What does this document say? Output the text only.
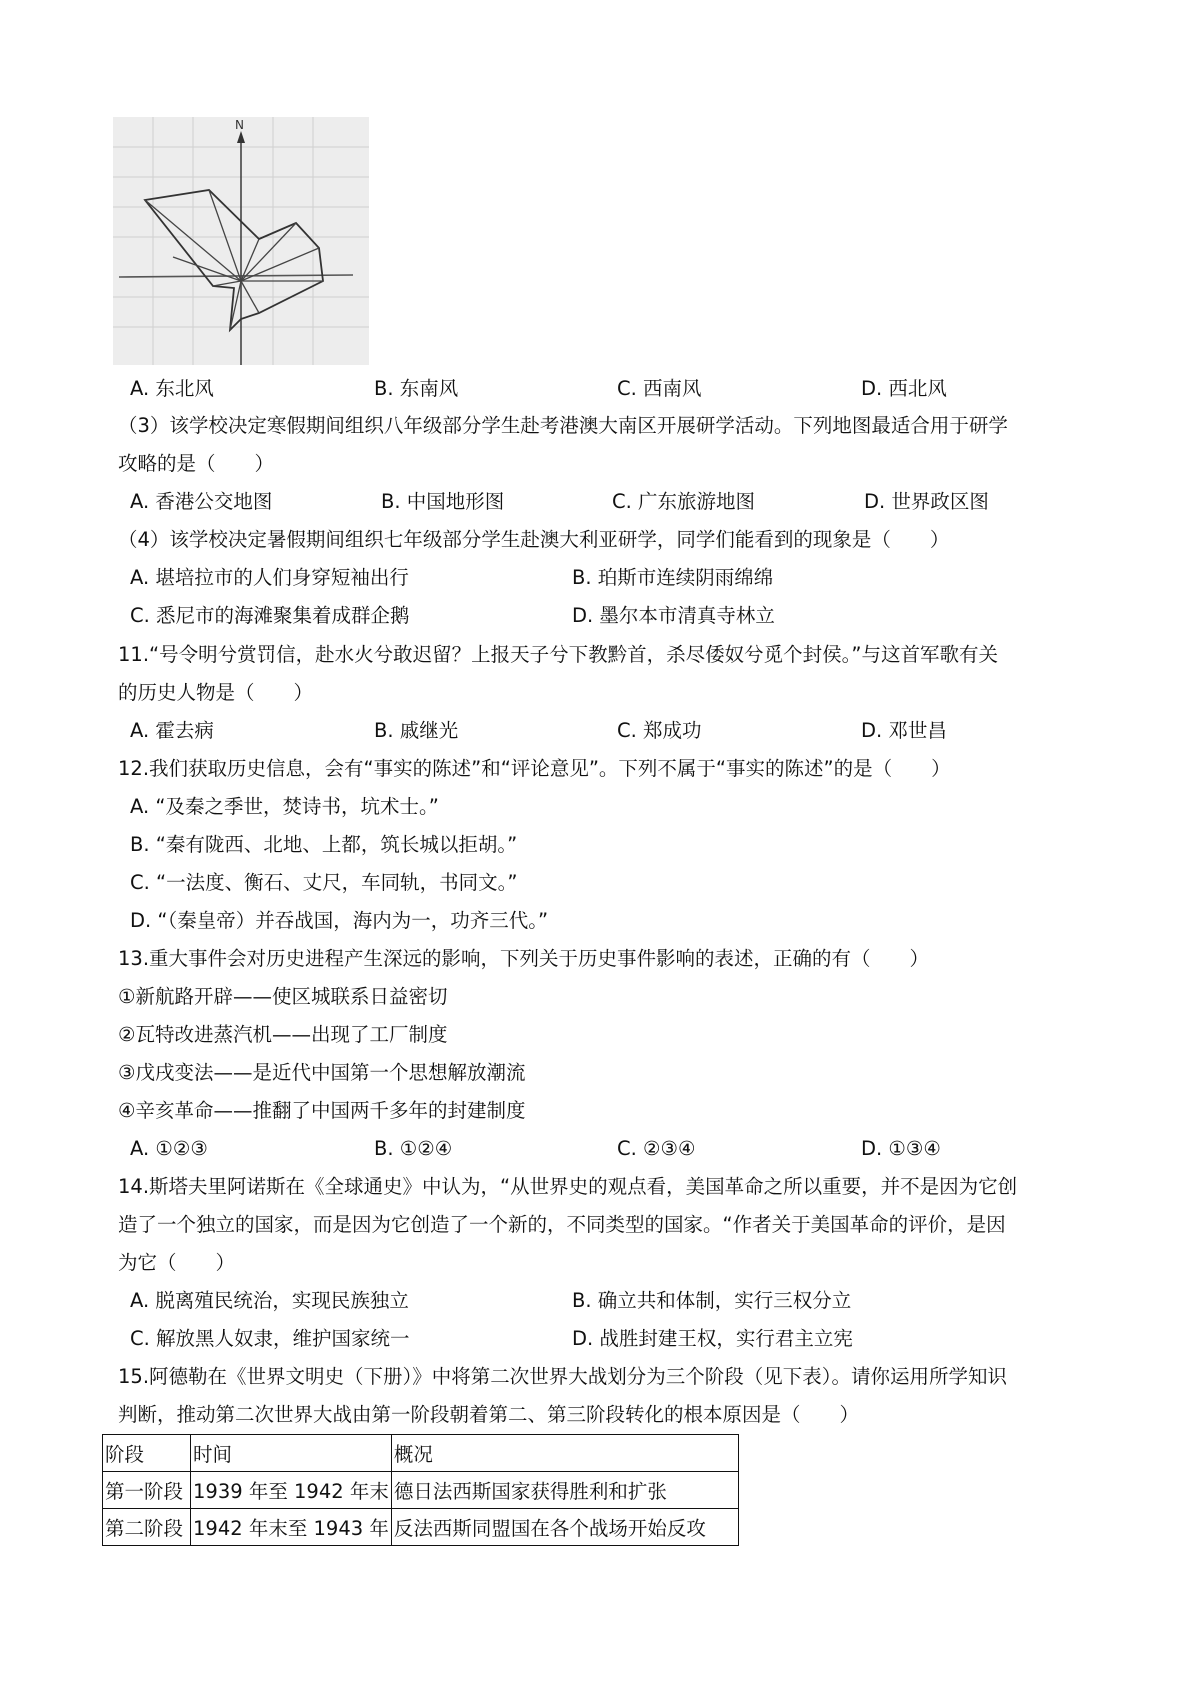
N
A. 东北风	B. 东南风	C. 西南风	D. 西北风
（3）该学校决定寒假期间组织八年级部分学生赴考港澳大南区开展研学活动。下列地图最适合用于研学
攻略的是（　　）
A. 香港公交地图	B. 中国地形图	C. 广东旅游地图	D. 世界政区图
（4）该学校决定暑假期间组织七年级部分学生赴澳大利亚研学，同学们能看到的现象是（　　）
A. 堪培拉市的人们身穿短袖出行	B. 珀斯市连续阴雨绵绵
C. 悉尼市的海滩聚集着成群企鹅	D. 墨尔本市清真寺林立
11.“号令明兮赏罚信，赴水火兮敢迟留？上报天子兮下教黔首，杀尽倭奴兮觅个封侯。”与这首军歌有关
的历史人物是（　　）
A. 霍去病	B. 戚继光	C. 郑成功	D. 邓世昌
12.我们获取历史信息，会有“事实的陈述”和“评论意见”。下列不属于“事实的陈述”的是（　　）
A. “及秦之季世，焚诗书，坑术士。”
B. “秦有陇西、北地、上都，筑长城以拒胡。”
C. “一法度、衡石、丈尺，车同轨，书同文。”
D. “（秦皇帝）并吞战国，海内为一，功齐三代。”
13.重大事件会对历史进程产生深远的影响，下列关于历史事件影响的表述，正确的有（　　）
①新航路开辟——使区城联系日益密切
②瓦特改进蒸汽机——出现了工厂制度
③戊戌变法——是近代中国第一个思想解放潮流
④辛亥革命——推翻了中国两千多年的封建制度
A. ①②③	B. ①②④	C. ②③④	D. ①③④
14.斯塔夫里阿诺斯在《全球通史》中认为，“从世界史的观点看，美国革命之所以重要，并不是因为它创
造了一个独立的国家，而是因为它创造了一个新的，不同类型的国家。“作者关于美国革命的评价，是因
为它（　　）
A. 脱离殖民统治，实现民族独立	B. 确立共和体制，实行三权分立
C. 解放黑人奴隶，维护国家统一	D. 战胜封建王权，实行君主立宪
15.阿德勒在《世界文明史（下册）》中将第二次世界大战划分为三个阶段（见下表）。请你运用所学知识
判断，推动第二次世界大战由第一阶段朝着第二、第三阶段转化的根本原因是（　　）
阶段	时间	概况
第一阶段	1939 年至 1942 年末	德日法西斯国家获得胜利和扩张
第二阶段	1942 年末至 1943 年	反法西斯同盟国在各个战场开始反攻
